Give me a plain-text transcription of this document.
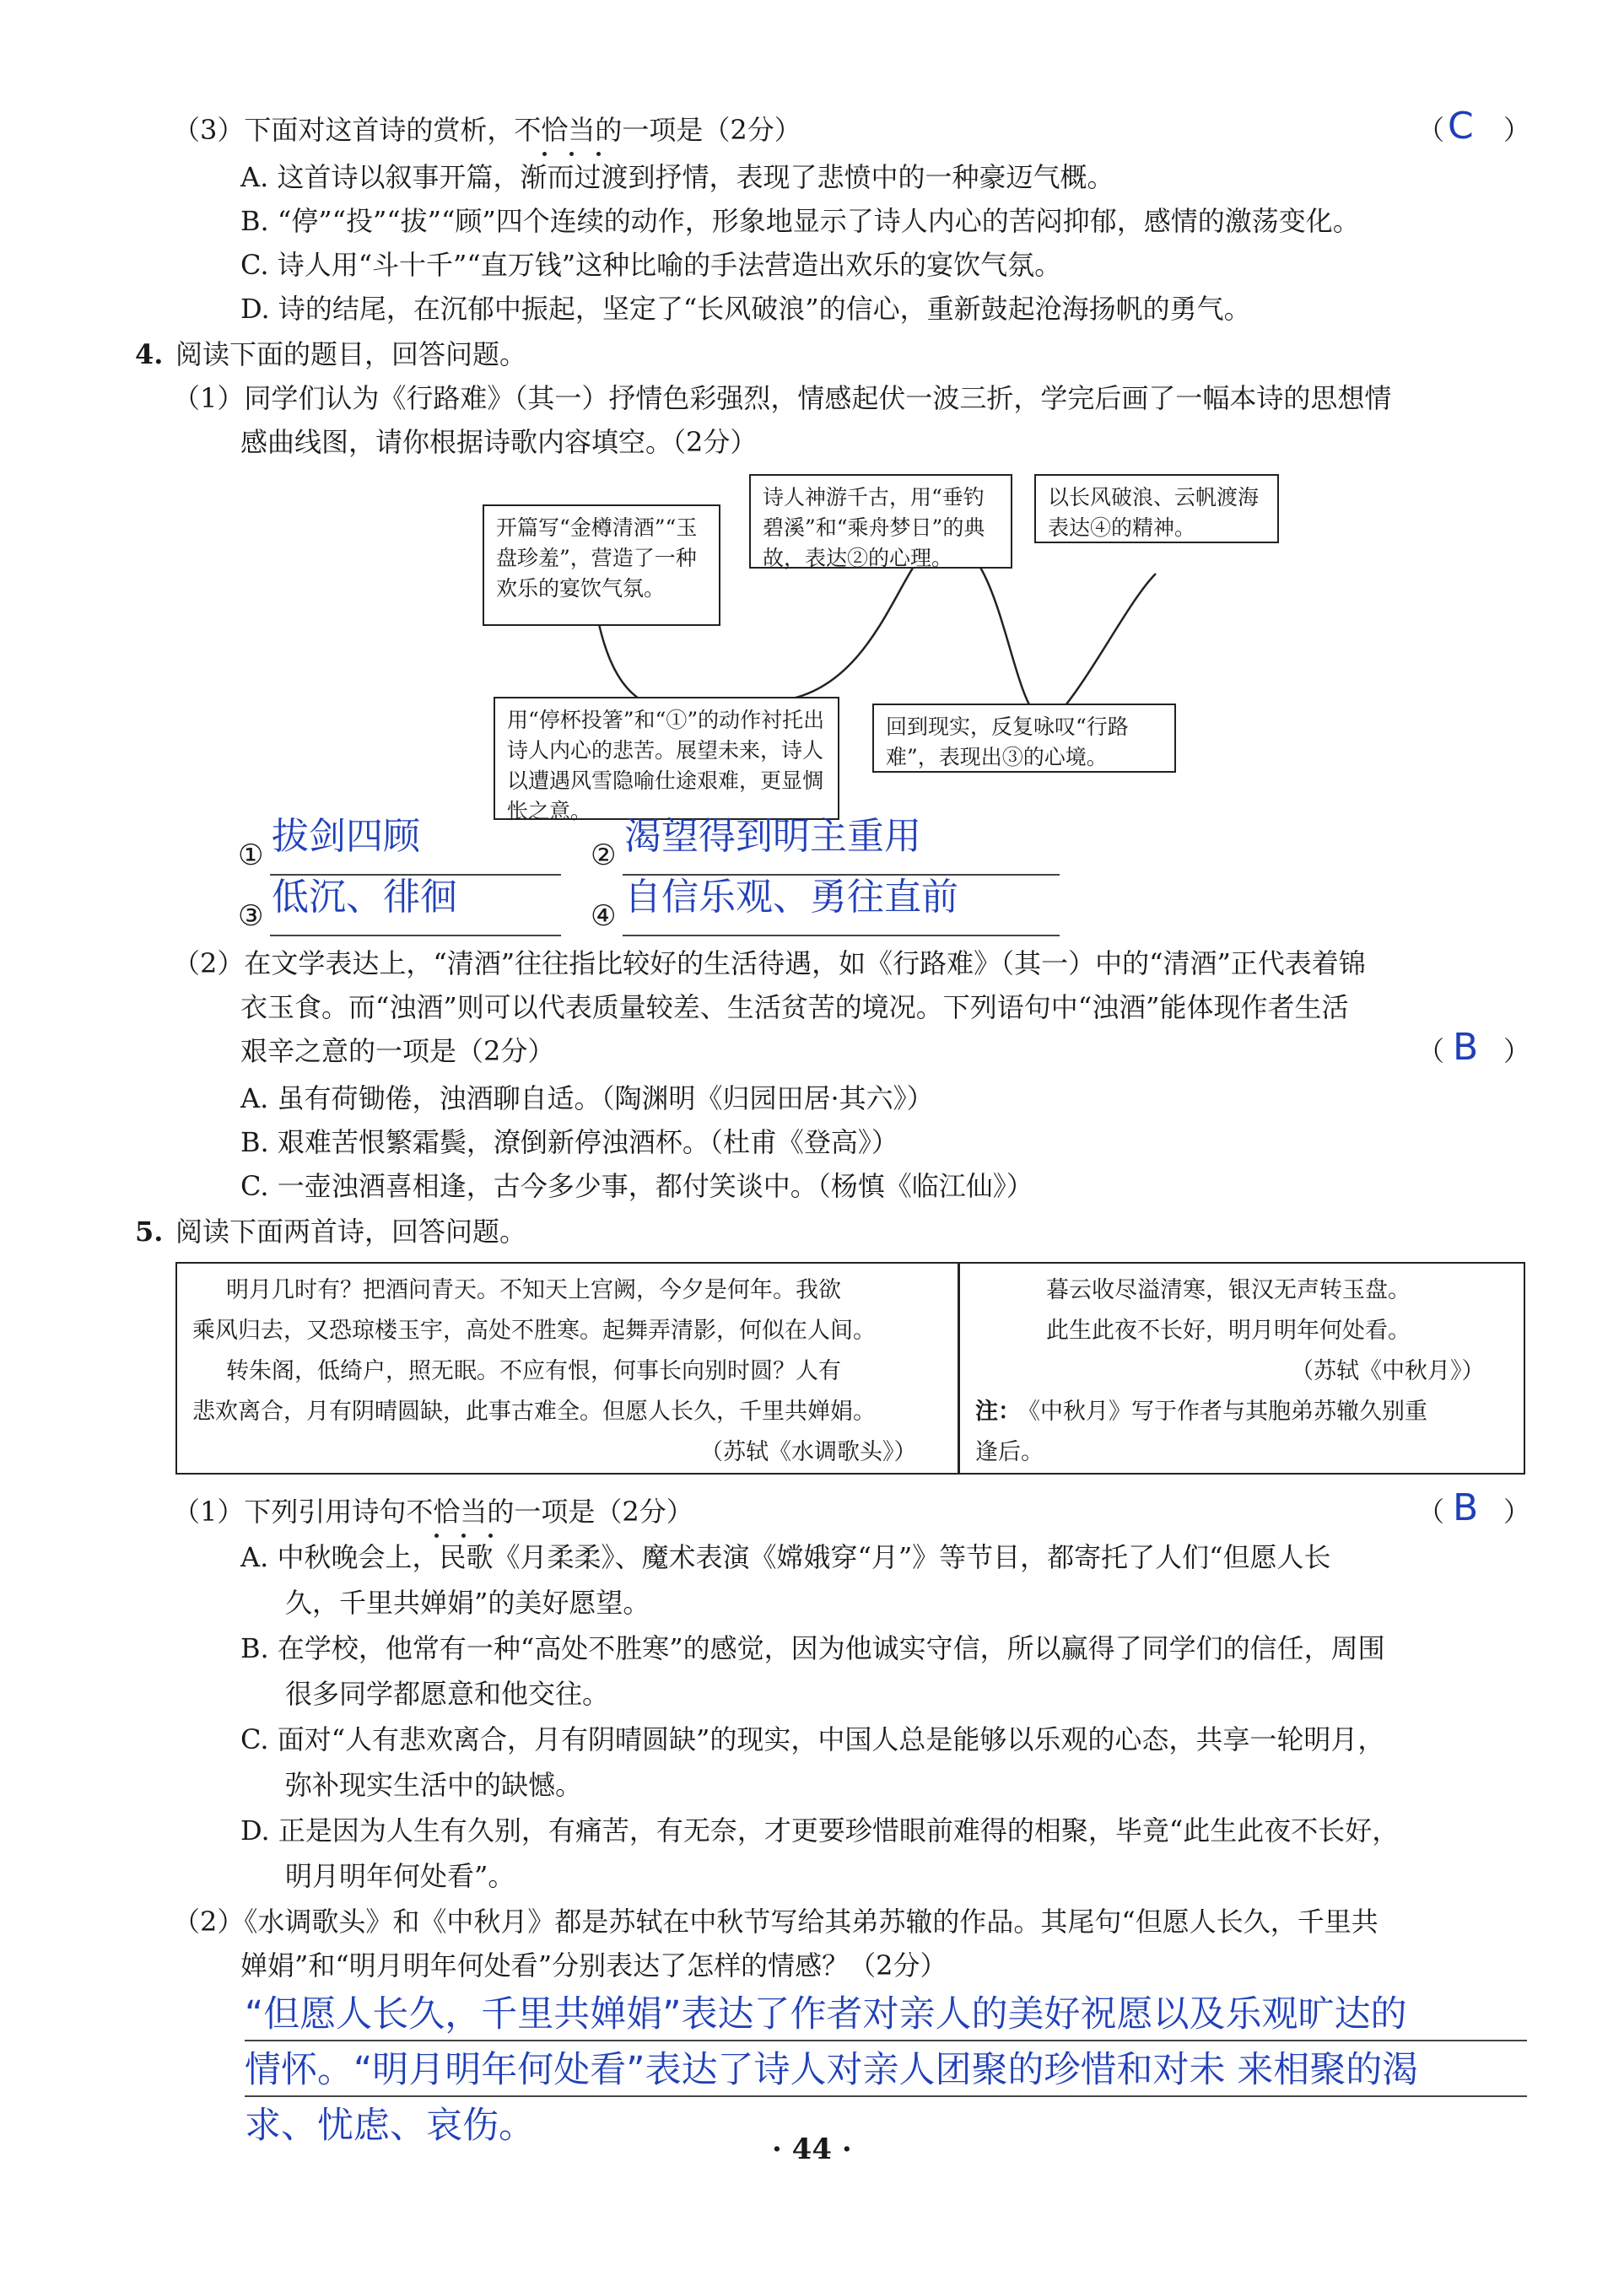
（3）下面对这首诗的赏析，不恰当的一项是（2分）	（ C ）
A. 这首诗以叙事开篇，渐而过渡到抒情，表现了悲愤中的一种豪迈气概。
B. “停”“投”“拔”“顾”四个连续的动作，形象地显示了诗人内心的苦闷抑郁，感情的激荡变化。
C. 诗人用“斗十千”“直万钱”这种比喻的手法营造出欢乐的宴饮气氛。
D. 诗的结尾，在沉郁中振起，坚定了“长风破浪”的信心，重新鼓起沧海扬帆的勇气。
4. 阅读下面的题目，回答问题。
（1）同学们认为《行路难》（其一）抒情色彩强烈，情感起伏一波三折，学完后画了一幅本诗的思想情
感曲线图，请你根据诗歌内容填空。（2分）
开篇写“金樽清酒”“玉盘珍羞”，营造了一种欢乐的宴饮气氛。
诗人神游千古，用“垂钓碧溪”和“乘舟梦日”的典故，表达②的心理。
以长风破浪、云帆渡海表达④的精神。
用“停杯投箸”和“①”的动作衬托出诗人内心的悲苦。展望未来，诗人以遭遇风雪隐喻仕途艰难，更显惆怅之意。
回到现实，反复咏叹“行路难”，表现出③的心境。
① 拔剑四顾	② 渴望得到明主重用
③ 低沉、徘徊	④ 自信乐观、勇往直前
（2）在文学表达上，“清酒”往往指比较好的生活待遇，如《行路难》（其一）中的“清酒”正代表着锦
衣玉食。而“浊酒”则可以代表质量较差、生活贫苦的境况。下列语句中“浊酒”能体现作者生活
艰辛之意的一项是（2分）	（ B ）
A. 虽有荷锄倦，浊酒聊自适。（陶渊明《归园田居·其六》）
B. 艰难苦恨繁霜鬓，潦倒新停浊酒杯。（杜甫《登高》）
C. 一壶浊酒喜相逢，古今多少事，都付笑谈中。（杨慎《临江仙》）
5. 阅读下面两首诗，回答问题。
明月几时有？把酒问青天。不知天上宫阙，今夕是何年。我欲
乘风归去，又恐琼楼玉宇，高处不胜寒。起舞弄清影，何似在人间。
转朱阁，低绮户，照无眠。不应有恨，何事长向别时圆？人有
悲欢离合，月有阴晴圆缺，此事古难全。但愿人长久，千里共婵娟。
（苏轼《水调歌头》）
暮云收尽溢清寒，银汉无声转玉盘。
此生此夜不长好，明月明年何处看。
（苏轼《中秋月》）
注：
《中秋月》写于作者与其胞弟苏辙久别重
逢后。
（1）下列引用诗句不恰当的一项是（2分）	（ B ）
A. 中秋晚会上，民歌《月柔柔》、魔术表演《嫦娥穿“月”》等节目，都寄托了人们“但愿人长
久，千里共婵娟”的美好愿望。
B. 在学校，他常有一种“高处不胜寒”的感觉，因为他诚实守信，所以赢得了同学们的信任，周围
很多同学都愿意和他交往。
C. 面对“人有悲欢离合，月有阴晴圆缺”的现实，中国人总是能够以乐观的心态，共享一轮明月，
弥补现实生活中的缺憾。
D. 正是因为人生有久别，有痛苦，有无奈，才更要珍惜眼前难得的相聚，毕竟“此生此夜不长好，
明月明年何处看”。
（2）《水调歌头》和《中秋月》都是苏轼在中秋节写给其弟苏辙的作品。其尾句“但愿人长久，千里共
婵娟”和“明月明年何处看”分别表达了怎样的情感？（2分）
“但愿人长久，千里共婵娟”表达了作者对亲人的美好祝愿以及乐观旷达的
情怀。“明月明年何处看”表达了诗人对亲人团聚的珍惜和对未 来相聚的渴
求、忧虑、哀伤。
· 44 ·
